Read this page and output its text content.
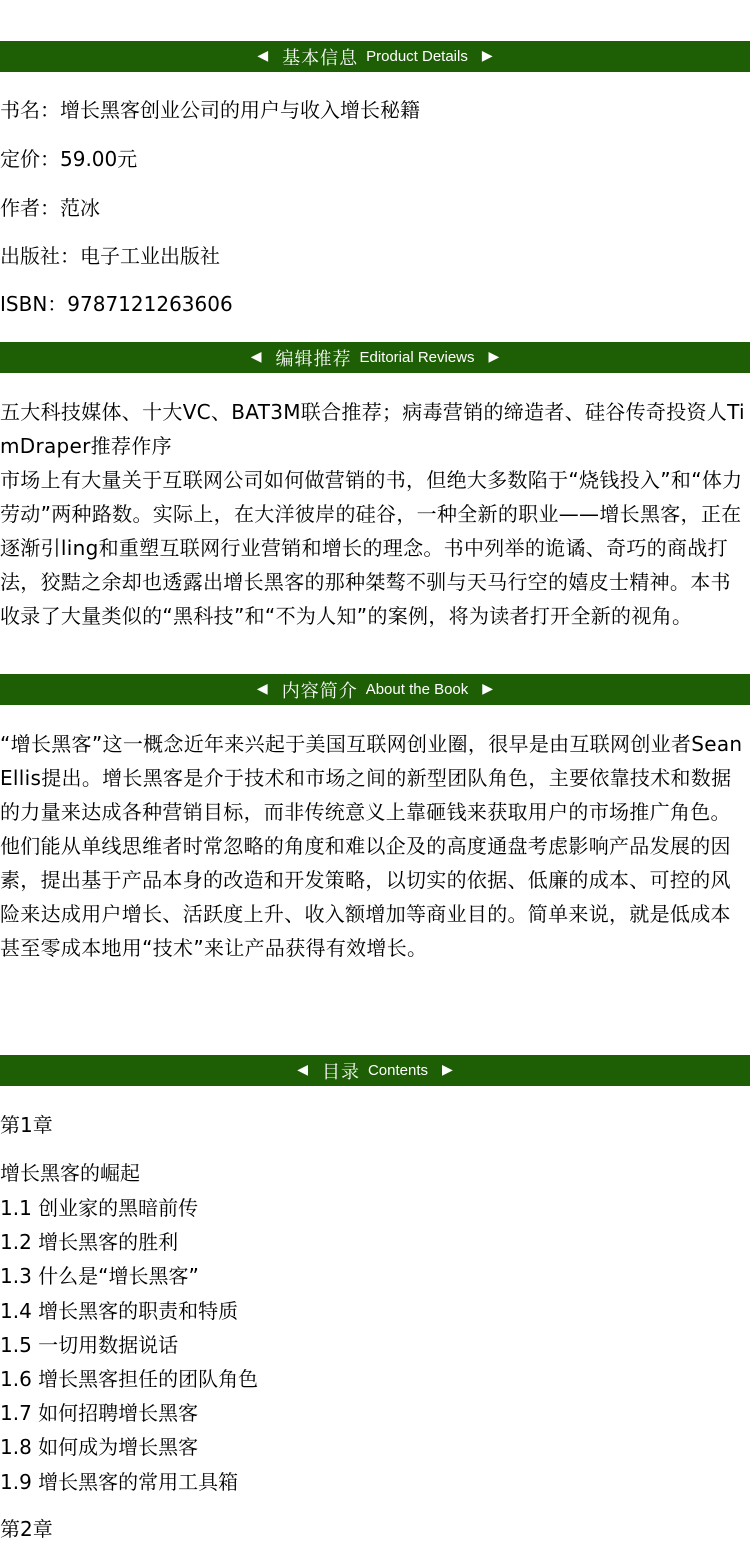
◀ 基本信息 Product Details ▶
书名：增长黑客创业公司的用户与收入增长秘籍
定价：59.00元
作者：范冰
出版社：电子工业出版社
ISBN：9787121263606
◀ 编辑推荐 Editorial Reviews ▶
五大科技媒体、十大VC、BAT3M联合推荐；病毒营销的缔造者、硅谷传奇投资人TimDraper推荐作序
市场上有大量关于互联网公司如何做营销的书，但绝大多数陷于“烧钱投入”和“体力劳动”两种路数。实际上，在大洋彼岸的硅谷，一种全新的职业——增长黑客，正在逐渐引ling和重塑互联网行业营销和增长的理念。书中列举的诡谲、奇巧的商战打法，狡黠之余却也透露出增长黑客的那种桀骜不驯与天马行空的嬉皮士精神。本书收录了大量类似的“黑科技”和“不为人知”的案例，将为读者打开全新的视角。
◀ 内容简介 About the Book ▶
“增长黑客”这一概念近年来兴起于美国互联网创业圈，很早是由互联网创业者SeanEllis提出。增长黑客是介于技术和市场之间的新型团队角色，主要依靠技术和数据的力量来达成各种营销目标，而非传统意义上靠砸钱来获取用户的市场推广角色。他们能从单线思维者时常忽略的角度和难以企及的高度通盘考虑影响产品发展的因素，提出基于产品本身的改造和开发策略，以切实的依据、低廉的成本、可控的风险来达成用户增长、活跃度上升、收入额增加等商业目的。简单来说，就是低成本甚至零成本地用“技术”来让产品获得有效增长。
◀ 目录 Contents ▶
第1章
增长黑客的崛起
1.1 创业家的黑暗前传
1.2 增长黑客的胜利
1.3 什么是“增长黑客”
1.4 增长黑客的职责和特质
1.5 一切用数据说话
1.6 增长黑客担任的团队角色
1.7 如何招聘增长黑客
1.8 如何成为增长黑客
1.9 增长黑客的常用工具箱
第2章
